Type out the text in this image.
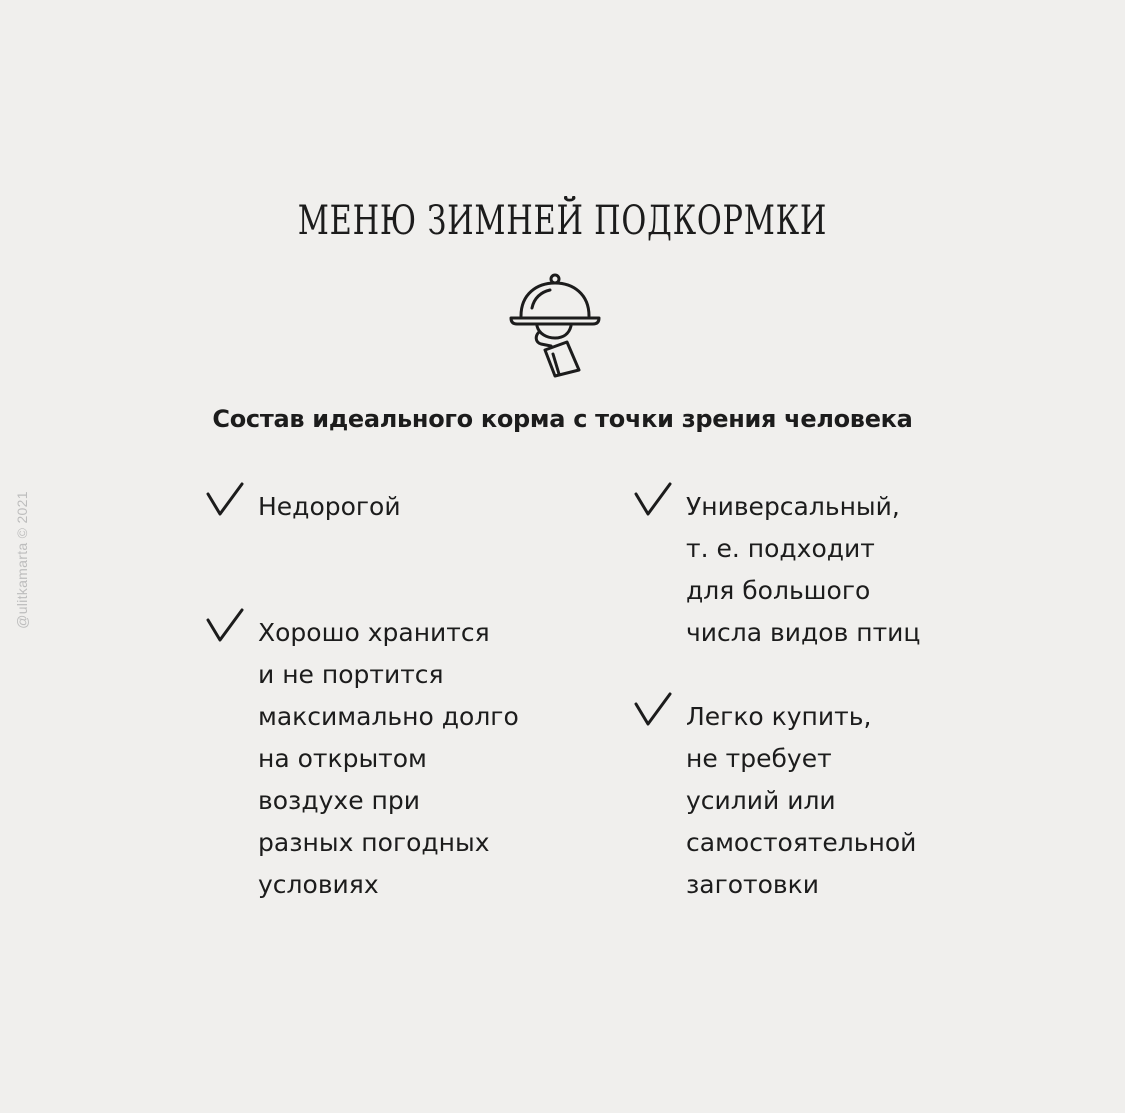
@ulitkamarta © 2021
МЕНЮ ЗИМНЕЙ ПОДКОРМКИ
Состав идеального корма с точки зрения человека
Недорогой
Хорошо хранится
и не портится
максимально долго
на открытом
воздухе при
разных погодных
условиях
Универсальный,
т. е. подходит
для большого
числа видов птиц
Легко купить,
не требует
усилий или
самостоятельной
заготовки
